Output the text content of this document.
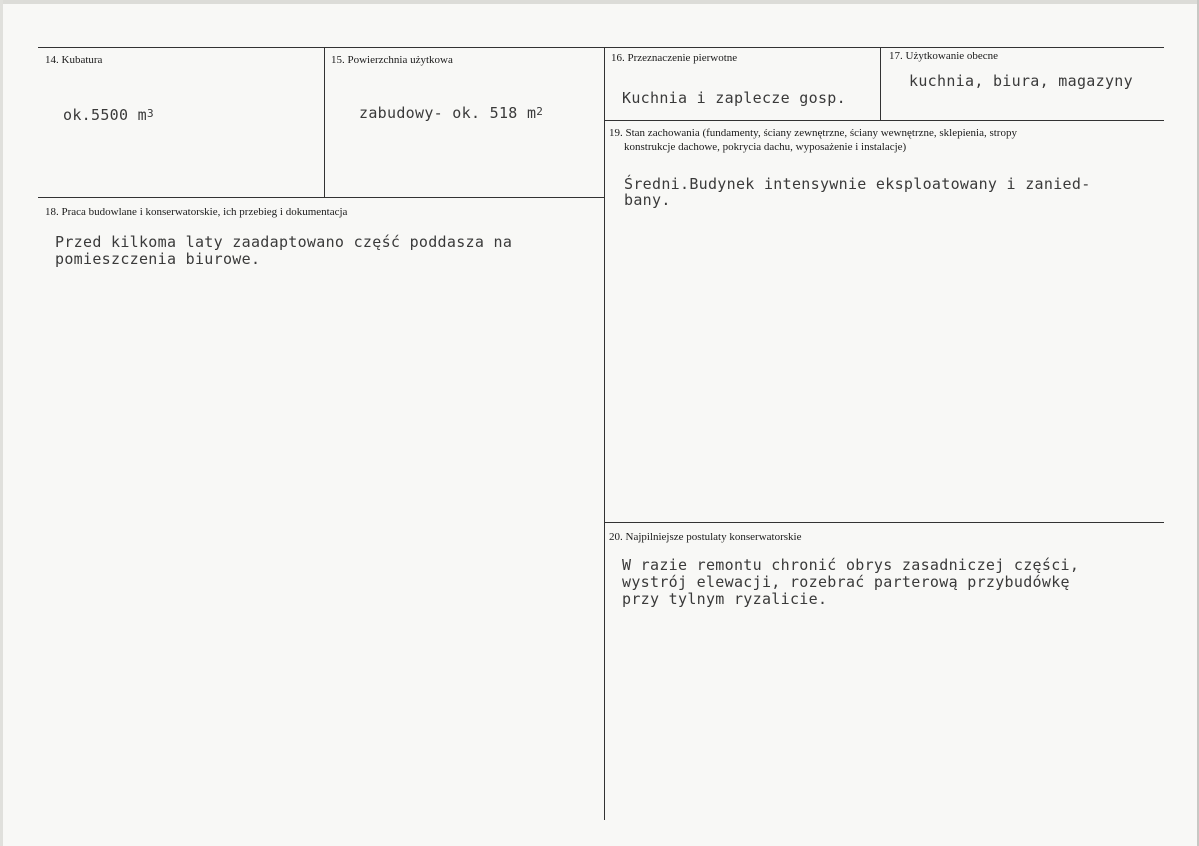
14. Kubatura
ok.5500 $m^3$
15. Powierzchnia użytkowa
zabudowy- ok. 518 $m^2$
16. Przeznaczenie pierwotne
Kuchnia i zaplecze gosp.
17. Użytkowanie obecne
kuchnia, biura, magazyny
18. Praca budowlane i konserwatorskie, ich przebieg i dokumentacja
Przed kilkoma laty zaadaptowano część poddasza na
pomieszczenia biurowe.
19. Stan zachowania (fundamenty, ściany zewnętrzne, ściany wewnętrzne, sklepienia, stropy
konstrukcje dachowe, pokrycia dachu, wyposażenie i instalacje)
Średni.Budynek intensywnie eksploatowany i zanied-
bany.
20. Najpilniejsze postulaty konserwatorskie
W razie remontu chronić obrys zasadniczej części,
wystrój elewacji, rozebrać parterową przybudówkę
przy tylnym ryzalicie.
